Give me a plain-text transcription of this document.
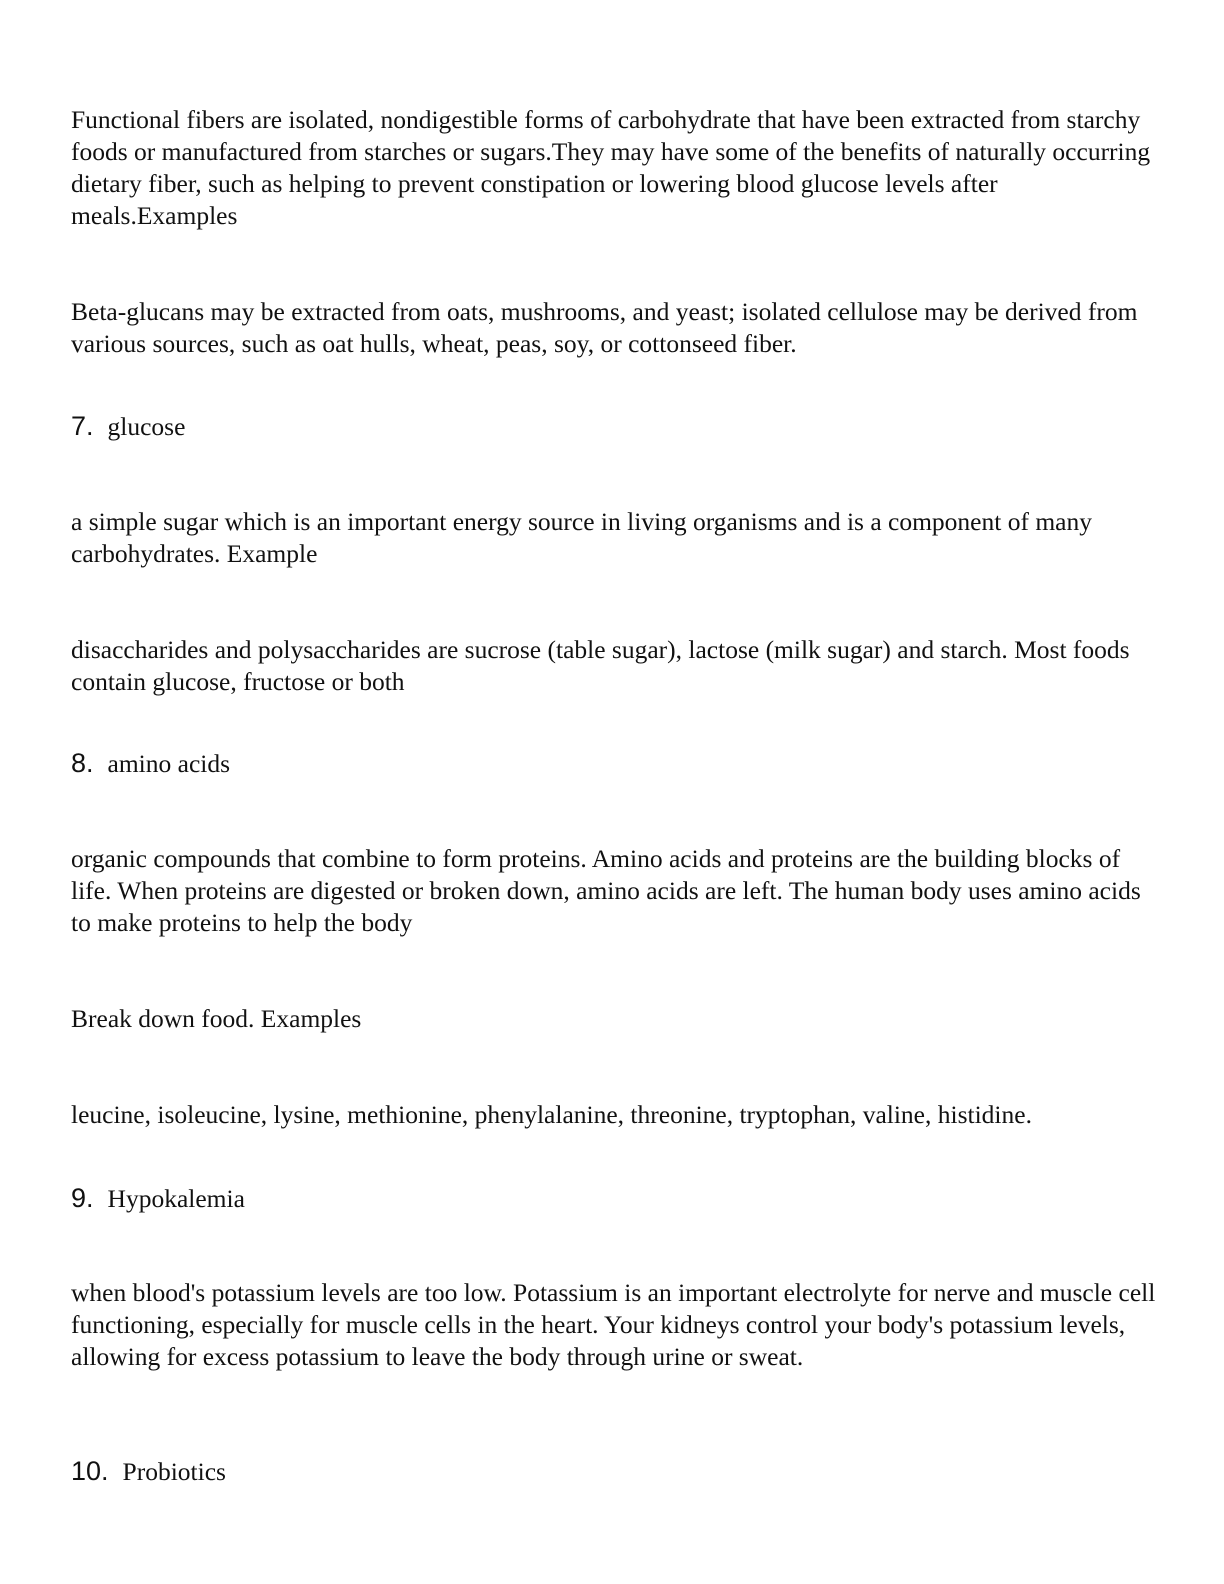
Functional fibers are isolated, nondigestible forms of carbohydrate that have been extracted from starchy foods or manufactured from starches or sugars.They may have some of the benefits of naturally occurring dietary fiber, such as helping to prevent constipation or lowering blood glucose levels after meals.Examples

Beta-glucans may be extracted from oats, mushrooms, and yeast; isolated cellulose may be derived from various sources, such as oat hulls, wheat, peas, soy, or cottonseed fiber.

7. glucose

a simple sugar which is an important energy source in living organisms and is a component of many carbohydrates. Example

disaccharides and polysaccharides are sucrose (table sugar), lactose (milk sugar) and starch. Most foods contain glucose, fructose or both

8. amino acids

organic compounds that combine to form proteins. Amino acids and proteins are the building blocks of life. When proteins are digested or broken down, amino acids are left. The human body uses amino acids to make proteins to help the body

Break down food. Examples

leucine, isoleucine, lysine, methionine, phenylalanine, threonine, tryptophan, valine, histidine.

9. Hypokalemia

when blood's potassium levels are too low. Potassium is an important electrolyte for nerve and muscle cell functioning, especially for muscle cells in the heart. Your kidneys control your body's potassium levels, allowing for excess potassium to leave the body through urine or sweat.

10. Probiotics
